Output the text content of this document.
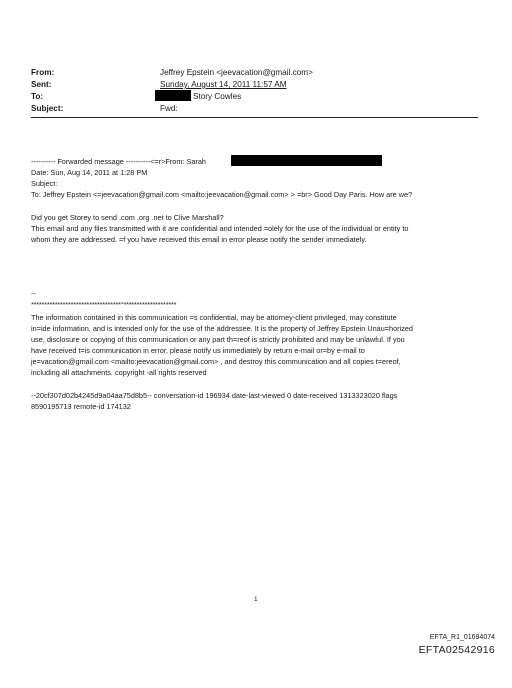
From:	Jeffrey Epstein <jeevacation@gmail.com>
Sent:	Sunday, August 14, 2011 11:57 AM
To:	Story Cowles
Subject:	Fwd:
---------- Forwarded message ----------<=r>From: Sarah
Date: Sun, Aug 14, 2011 at 1:28 PM
Subject:
To: Jeffrey Epstein <=jeevacation@gmail.com <mailto:jeevacation@gmail.com> > =br> Good Day Paris. How are we?
Did you get Storey to send .com .org .net to Clive Marshall?
This email and any files transmitted with it are confidential and intended =olely for the use of the individual or entity to
whom they are addressed. =f you have received this email in error please notify the sender immediately.
--
**********************************°********************
The information contained in this communication =s confidential, may be attorney-client privileged, may constitute
in=ide information, and is intended only for the use of the addressee. It is the property of Jeffrey Epstein Unau=horized
use, disclosure or copying of this communication or any part th=reof is strictly prohibited and may be unlawful. If you
have received t=is communication in error, please notify us immediately by return e-mail or=by e-mail to
je=vacation@gmail.com <mailto:jeevacation@gmail.com> , and destroy this communication and all copies t=ereof,
including all attachments. copyright -all rights reserved
--20cf307d02b4245d9a04aa75d8b5-- conversation-id 196934 date-last-viewed 0 date-received 1313323020 flags
8590195713 remote-id 174132
1
EFTA_R1_01694074
EFTA02542916
